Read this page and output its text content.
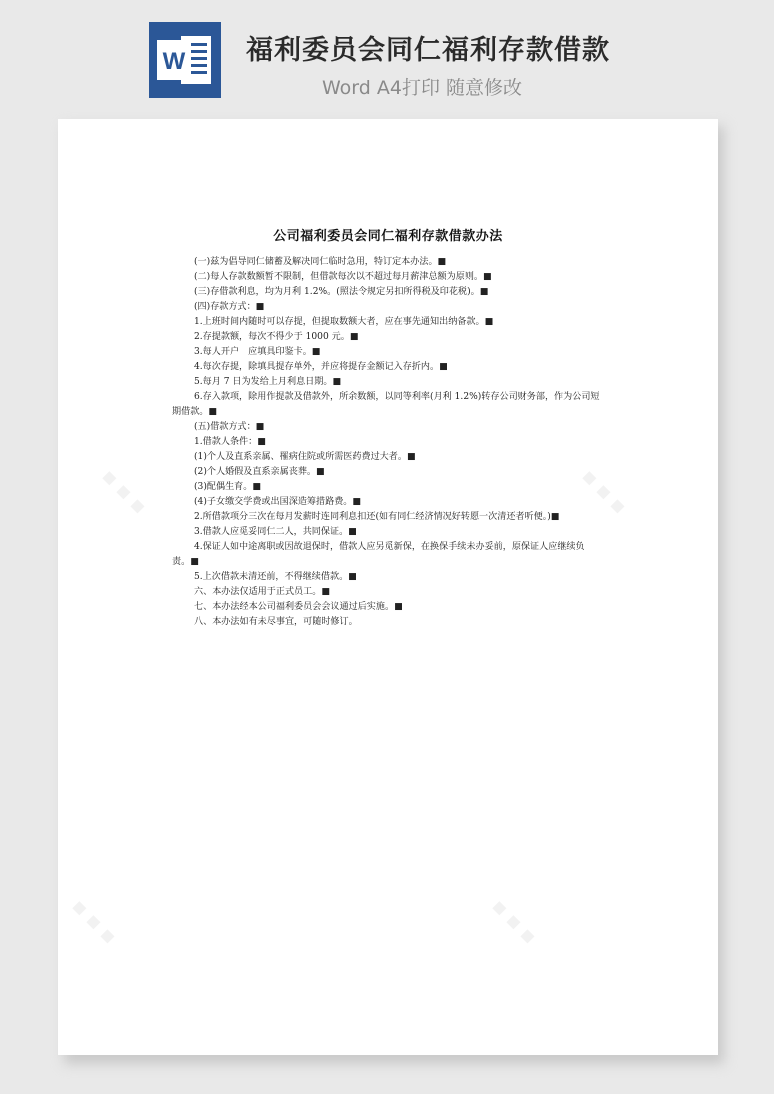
W 福利委员会同仁福利存款借款
Word A4打印 随意修改
▪ ▪ ▪	▪ ▪ ▪
▪ ▪ ▪	▪ ▪ ▪
公司福利委员会同仁福利存款借款办法
(一)兹为倡导同仁储蓄及解决同仁临时急用，特订定本办法。■
(二)每人存款数额暂不限制，但借款每次以不超过每月薪津总额为原则。■
(三)存借款利息，均为月利 1.2%。(照法令规定另扣所得税及印花税)。■
(四)存款方式：■
1.上班时间内随时可以存提，但提取数额大者，应在事先通知出纳备款。■
2.存提款额，每次不得少于 1000 元。■
3.每人开户　应填具印鉴卡。■
4.每次存提，除填具提存单外，并应将提存金额记入存折内。■
5.每月 7 日为发给上月利息日期。■
6.存入款项，除用作提款及借款外，所余数额，以同等利率(月利 1.2%)转存公司财务部，作为公司短期借款。■
(五)借款方式：■
1.借款人条件：■
(1)个人及直系亲属、罹病住院或所需医药费过大者。■
(2)个人婚假及直系亲属丧葬。■
(3)配偶生育。■
(4)子女缴交学费或出国深造筹措路费。■
2.所借款项分三次在每月发薪时连同利息扣还(如有同仁经济情况好转愿一次清还者听便。)■
3.借款人应觅妥同仁二人，共同保证。■
4.保证人如中途离职或因故退保时，借款人应另觅新保，在换保手续未办妥前，原保证人应继续负责。■
5.上次借款未清还前，不得继续借款。■
六、本办法仅适用于正式员工。■
七、本办法经本公司福利委员会会议通过后实施。■
八、本办法如有未尽事宜，可随时修订。
